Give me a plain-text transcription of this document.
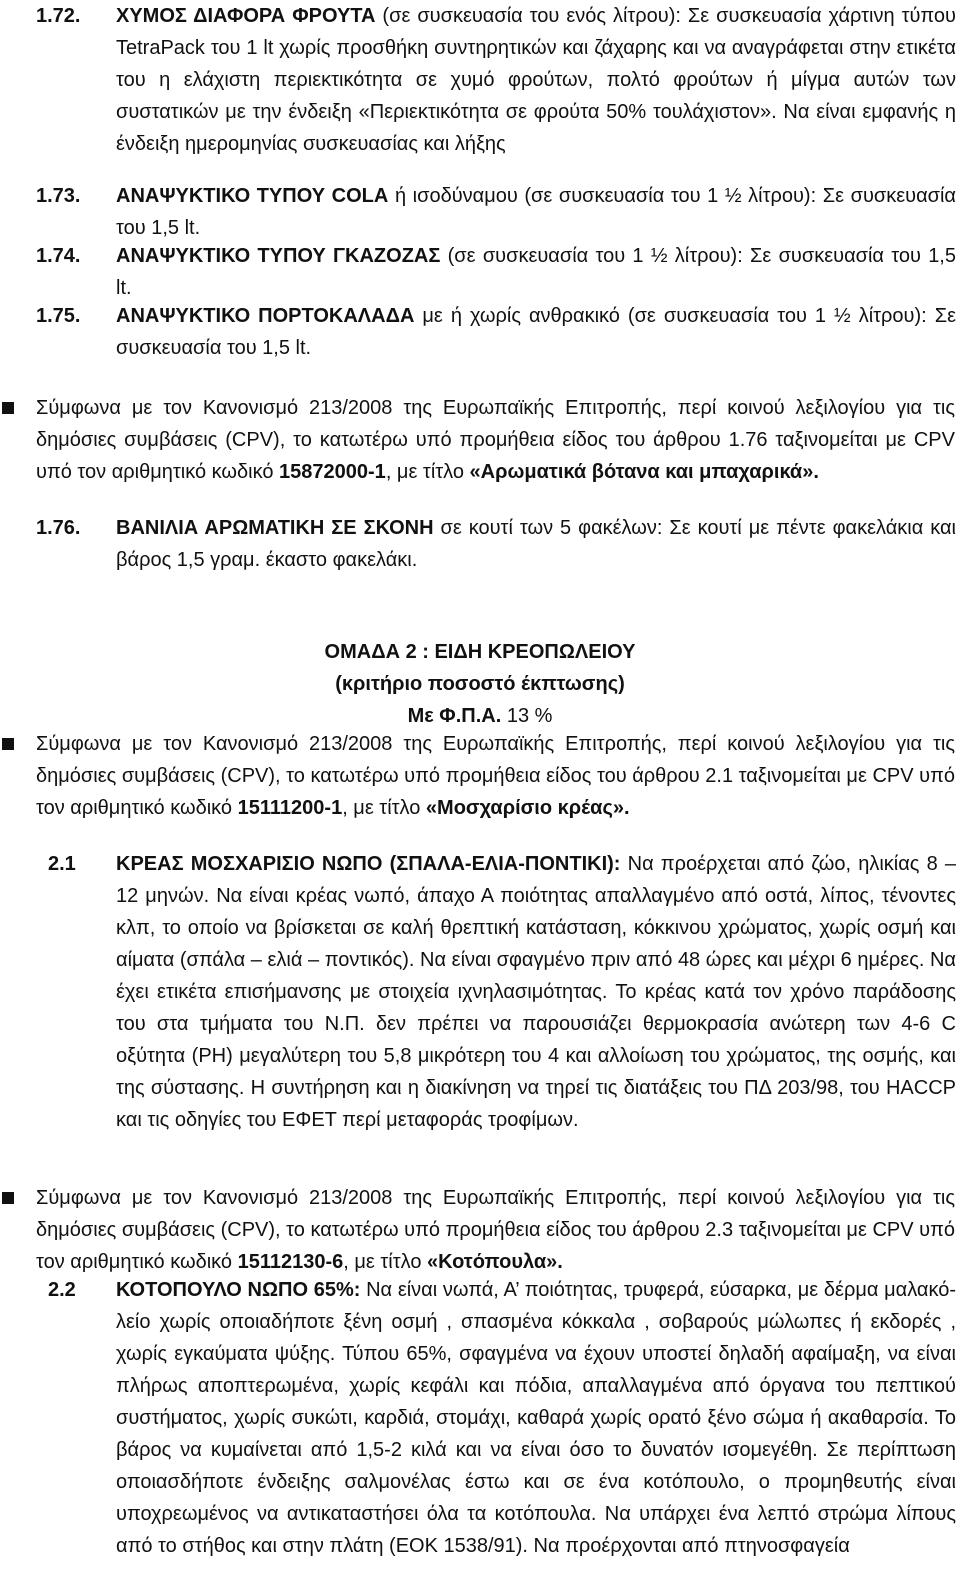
1.72. ΧΥΜΟΣ ΔΙΑΦΟΡΑ ΦΡΟΥΤΑ (σε συσκευασία του ενός λίτρου): Σε συσκευασία χάρτινη τύπου TetraPack του 1 lt χωρίς προσθήκη συντηρητικών και ζάχαρης και να αναγράφεται στην ετικέτα του η ελάχιστη περιεκτικότητα σε χυμό φρούτων, πολτό φρούτων ή μίγμα αυτών των συστατικών με την ένδειξη «Περιεκτικότητα σε φρούτα 50% τουλάχιστον». Να είναι εμφανής η ένδειξη ημερομηνίας συσκευασίας και λήξης
1.73. ΑΝΑΨΥΚΤΙΚΟ ΤΥΠΟΥ COLA ή ισοδύναμου (σε συσκευασία του 1 ½ λίτρου): Σε συσκευασία του 1,5 lt.
1.74. ΑΝΑΨΥΚΤΙΚΟ ΤΥΠΟΥ ΓΚΑΖΟΖΑΣ (σε συσκευασία του 1 ½ λίτρου): Σε συσκευασία του 1,5 lt.
1.75. ΑΝΑΨΥΚΤΙΚΟ ΠΟΡΤΟΚΑΛΑΔΑ με ή χωρίς ανθρακικό (σε συσκευασία του 1 ½ λίτρου): Σε συσκευασία του 1,5 lt.
Σύμφωνα με τον Κανονισμό 213/2008 της Ευρωπαϊκής Επιτροπής, περί κοινού λεξιλογίου για τις δημόσιες συμβάσεις (CPV), το κατωτέρω υπό προμήθεια είδος του άρθρου 1.76 ταξινομείται με CPV υπό τον αριθμητικό κωδικό 15872000-1, με τίτλο «Αρωματικά βότανα και μπαχαρικά».
1.76. ΒΑΝΙΛΙΑ ΑΡΩΜΑΤΙΚΗ ΣΕ ΣΚΟΝΗ σε κουτί των 5 φακέλων: Σε κουτί με πέντε φακελάκια και βάρος 1,5 γραμ. έκαστο φακελάκι.
ΟΜΑΔΑ 2 : ΕΙΔΗ ΚΡΕΟΠΩΛΕΙΟΥ
(κριτήριο ποσοστό έκπτωσης)
Με Φ.Π.Α. 13 %
Σύμφωνα με τον Κανονισμό 213/2008 της Ευρωπαϊκής Επιτροπής, περί κοινού λεξιλογίου για τις δημόσιες συμβάσεις (CPV), το κατωτέρω υπό προμήθεια είδος του άρθρου 2.1 ταξινομείται με CPV υπό τον αριθμητικό κωδικό 15111200-1, με τίτλο «Μοσχαρίσιο κρέας».
2.1 ΚΡΕΑΣ ΜΟΣΧΑΡΙΣΙΟ ΝΩΠΟ (ΣΠΑΛΑ-ΕΛΙΑ-ΠΟΝΤΙΚΙ): Να προέρχεται από ζώο, ηλικίας 8 – 12 μηνών. Να είναι κρέας νωπό, άπαχο Α ποιότητας απαλλαγμένο από οστά, λίπος, τένοντες κλπ, το οποίο να βρίσκεται σε καλή θρεπτική κατάσταση, κόκκινου χρώματος, χωρίς οσμή και αίματα (σπάλα – ελιά – ποντικός). Να είναι σφαγμένο πριν από 48 ώρες και μέχρι 6 ημέρες. Να έχει ετικέτα επισήμανσης με στοιχεία ιχνηλασιμότητας. Το κρέας κατά τον χρόνο παράδοσης του στα τμήματα του Ν.Π. δεν πρέπει να παρουσιάζει θερμοκρασία ανώτερη των 4-6 C οξύτητα (PH) μεγαλύτερη του 5,8 μικρότερη του 4 και αλλοίωση του χρώματος, της οσμής, και της σύστασης. Η συντήρηση και η διακίνηση να τηρεί τις διατάξεις του ΠΔ 203/98, του HACCP και τις οδηγίες του ΕΦΕΤ περί μεταφοράς τροφίμων.
Σύμφωνα με τον Κανονισμό 213/2008 της Ευρωπαϊκής Επιτροπής, περί κοινού λεξιλογίου για τις δημόσιες συμβάσεις (CPV), το κατωτέρω υπό προμήθεια είδος του άρθρου 2.3 ταξινομείται με CPV υπό τον αριθμητικό κωδικό 15112130-6, με τίτλο «Κοτόπουλα».
2.2 ΚΟΤΟΠΟΥΛΟ ΝΩΠΟ 65%: Να είναι νωπά, Α’ ποιότητας, τρυφερά, εύσαρκα, με δέρμα μαλακό-λείο χωρίς οποιαδήποτε ξένη οσμή , σπασμένα κόκκαλα , σοβαρούς μώλωπες ή εκδορές , χωρίς εγκαύματα ψύξης. Τύπου 65%, σφαγμένα να έχουν υποστεί δηλαδή αφαίμαξη, να είναι πλήρως αποπτερωμένα, χωρίς κεφάλι και πόδια, απαλλαγμένα από όργανα του πεπτικού συστήματος, χωρίς συκώτι, καρδιά, στομάχι, καθαρά χωρίς ορατό ξένο σώμα ή ακαθαρσία. Το βάρος να κυμαίνεται από 1,5-2 κιλά και να είναι όσο το δυνατόν ισομεγέθη. Σε περίπτωση οποιασδήποτε ένδειξης σαλμονέλας έστω και σε ένα κοτόπουλο, ο προμηθευτής είναι υποχρεωμένος να αντικαταστήσει όλα τα κοτόπουλα. Να υπάρχει ένα λεπτό στρώμα λίπους από το στήθος και στην πλάτη (ΕΟΚ 1538/91). Να προέρχονται από πτηνοσφαγεία
